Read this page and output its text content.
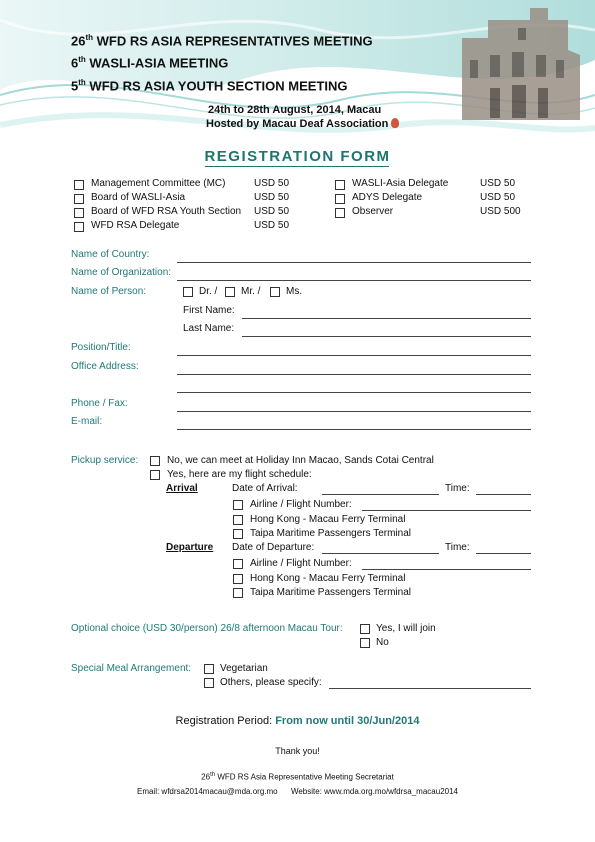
26th WFD RS ASIA REPRESENTATIVES MEETING
6th WASLI-ASIA MEETING
5th WFD RS ASIA YOUTH SECTION MEETING
24th to 28th August, 2014, Macau
Hosted by Macau Deaf Association
REGISTRATION FORM
Management Committee (MC)	USD 50
Board of WASLI-Asia	USD 50
Board of WFD RSA Youth Section USD 50
WFD RSA Delegate	USD 50
WASLI-Asia Delegate	USD 50
ADYS Delegate	USD 50
Observer	USD 500
Name of Country:
Name of Organization:
Name of Person:	Dr. / Mr. /	Ms.
First Name:
Last Name:
Position/Title:
Office Address:
Phone / Fax:
E-mail:
Pickup service:	No, we can meet at Holiday Inn Macao, Sands Cotai Central
Yes, here are my flight schedule:
Arrival	Date of Arrival:	Time:
Airline / Flight Number:
Hong Kong - Macau Ferry Terminal
Taipa Maritime Passengers Terminal
Departure Date of Departure:	Time:
Airline / Flight Number:
Hong Kong - Macau Ferry Terminal
Taipa Maritime Passengers Terminal
Optional choice (USD 30/person) 26/8 afternoon Macau Tour:	Yes, I will join
No
Special Meal Arrangement:	Vegetarian
Others, please specify:
Registration Period: From now until 30/Jun/2014
Thank you!
26th WFD RS Asia Representative Meeting Secretariat
Email: wfdrsa2014macau@mda.org.mo Website: www.mda.org.mo/wfdrsa_macau2014
